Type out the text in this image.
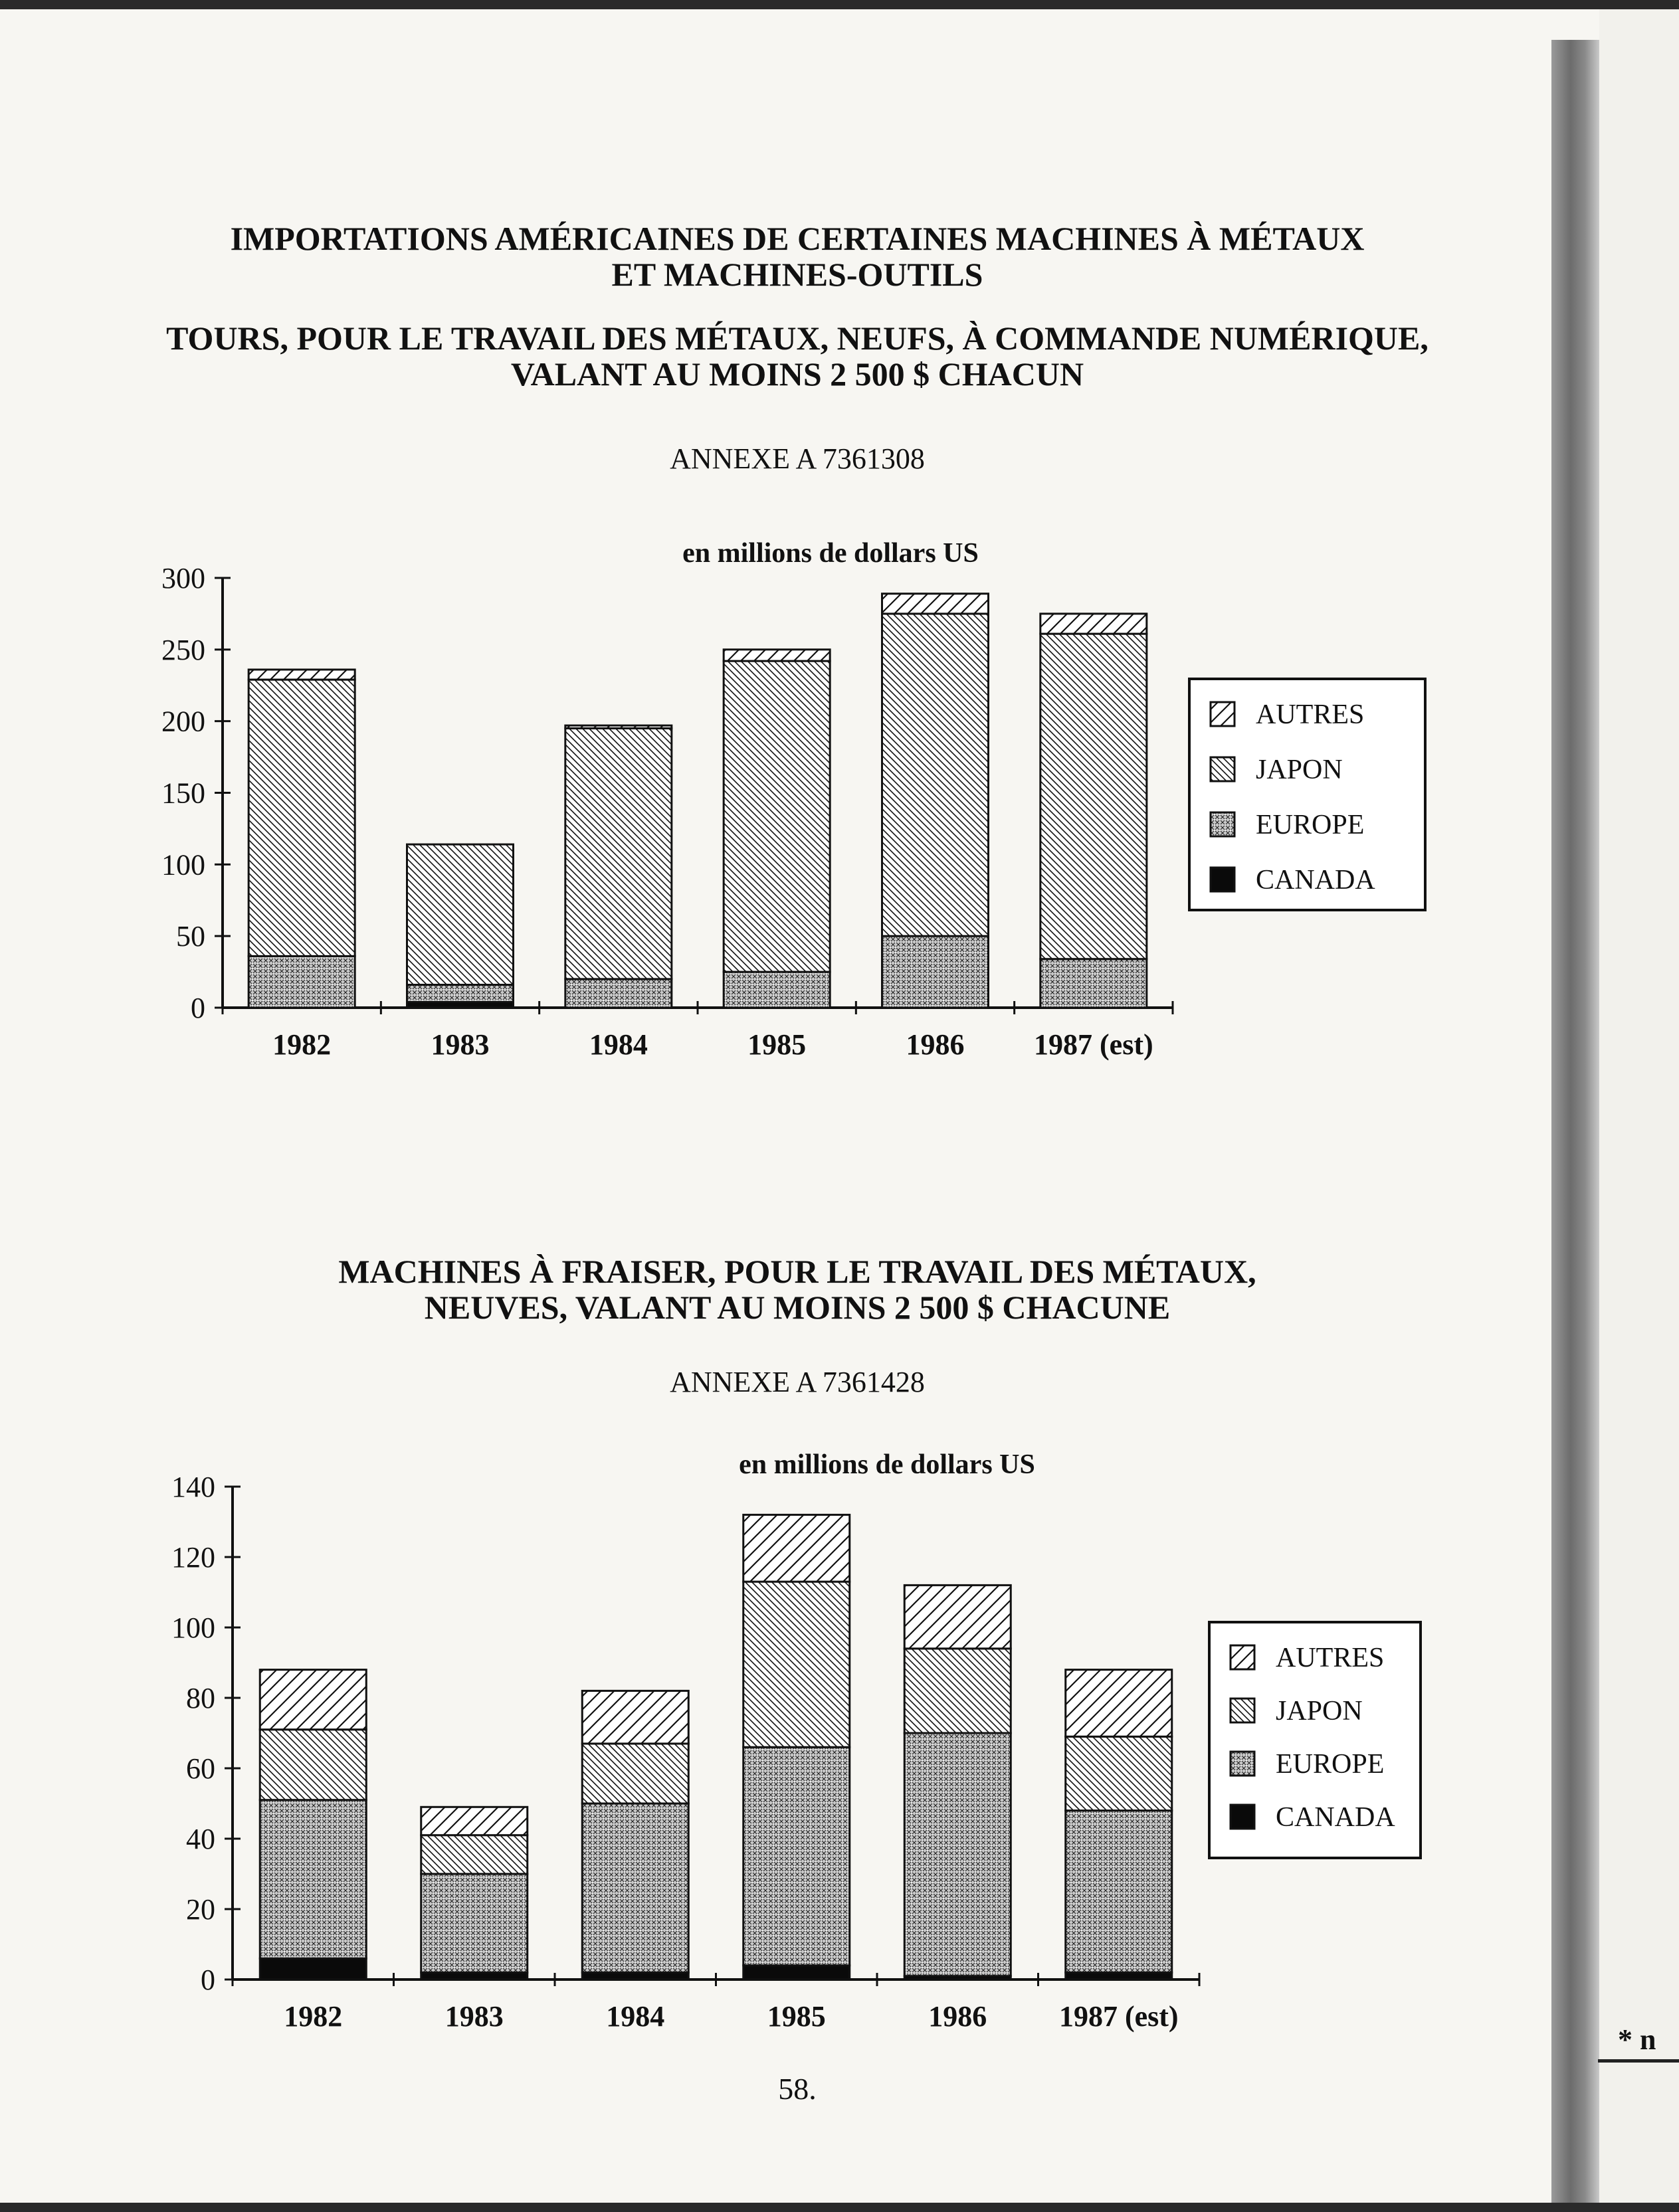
* n
IMPORTATIONS AMÉRICAINES DE CERTAINES MACHINES À MÉTAUX
ET MACHINES-OUTILS
TOURS, POUR LE TRAVAIL DES MÉTAUX, NEUFS, À COMMANDE NUMÉRIQUE,
VALANT AU MOINS 2 500 $ CHACUN

ANNEXE A 7361308

en millions de dollars US
0
50
100
150
200
250
300
1982	1983	1984	1985	1986 1987 (est)
AUTRES
JAPON
EUROPE
CANADA
MACHINES À FRAISER, POUR LE TRAVAIL DES MÉTAUX,
NEUVES, VALANT AU MOINS 2 500 $ CHACUNE

ANNEXE A 7361428

en millions de dollars US
0
20
40
60
80
100
120
140
1982	1983	1984	1985	1986 1987 (est)
AUTRES
JAPON
EUROPE
CANADA
58.
